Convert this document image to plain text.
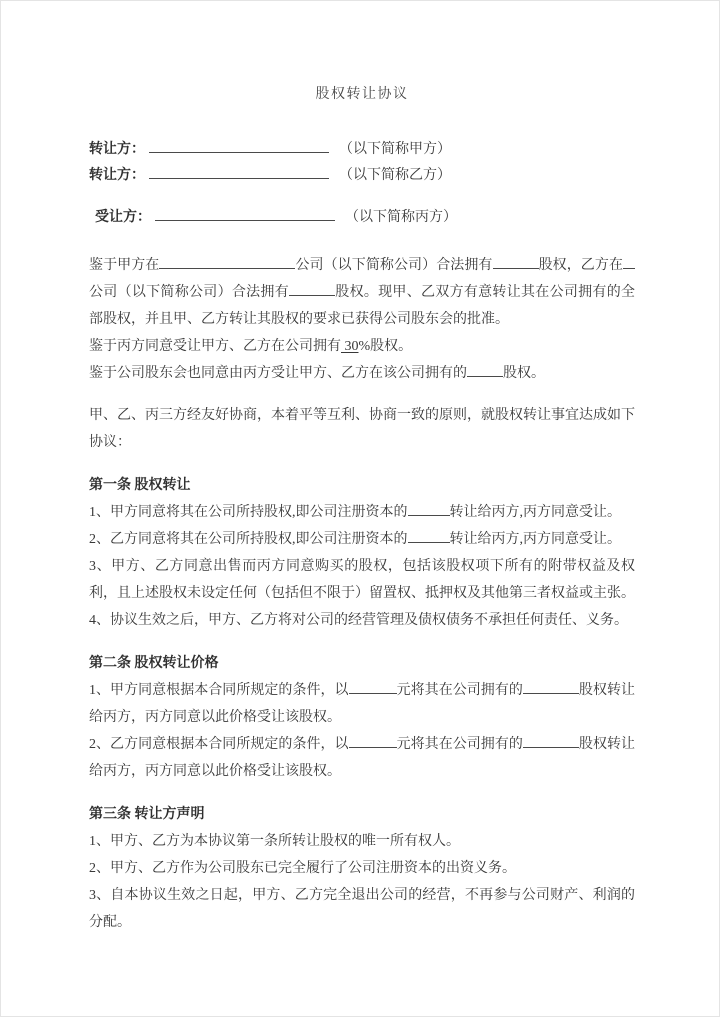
股权转让协议
转让方：	（以下简称甲方）
转让方：	（以下简称乙方）
受让方：	（以下简称丙方）

鉴于甲方在	公司（以下简称公司）合法拥有	股权，乙方在公司（以下简称公司）合法拥有	股权。现甲、乙双方有意转让其在公司拥有的全部股权，并且甲、乙方转让其股权的要求已获得公司股东会的批准。

鉴于丙方同意受让甲方、乙方在公司拥有 30%股权。

鉴于公司股东会也同意由丙方受让甲方、乙方在该公司拥有的	股权。

甲、乙、丙三方经友好协商，本着平等互利、协商一致的原则，就股权转让事宜达成如下协议：

第一条 股权转让

1、甲方同意将其在公司所持股权,即公司注册资本的	转让给丙方,丙方同意受让。

2、乙方同意将其在公司所持股权,即公司注册资本的	转让给丙方,丙方同意受让。

3、甲方、乙方同意出售而丙方同意购买的股权，包括该股权项下所有的附带权益及权利，且上述股权未设定任何（包括但不限于）留置权、抵押权及其他第三者权益或主张。

4、协议生效之后，甲方、乙方将对公司的经营管理及债权债务不承担任何责任、义务。

第二条 股权转让价格

1、甲方同意根据本合同所规定的条件，以	元将其在公司拥有的	股权转让给丙方，丙方同意以此价格受让该股权。

2、乙方同意根据本合同所规定的条件，以	元将其在公司拥有的	股权转让给丙方，丙方同意以此价格受让该股权。

第三条 转让方声明

1、甲方、乙方为本协议第一条所转让股权的唯一所有权人。

2、甲方、乙方作为公司股东已完全履行了公司注册资本的出资义务。

3、自本协议生效之日起，甲方、乙方完全退出公司的经营，不再参与公司财产、利润的分配。
